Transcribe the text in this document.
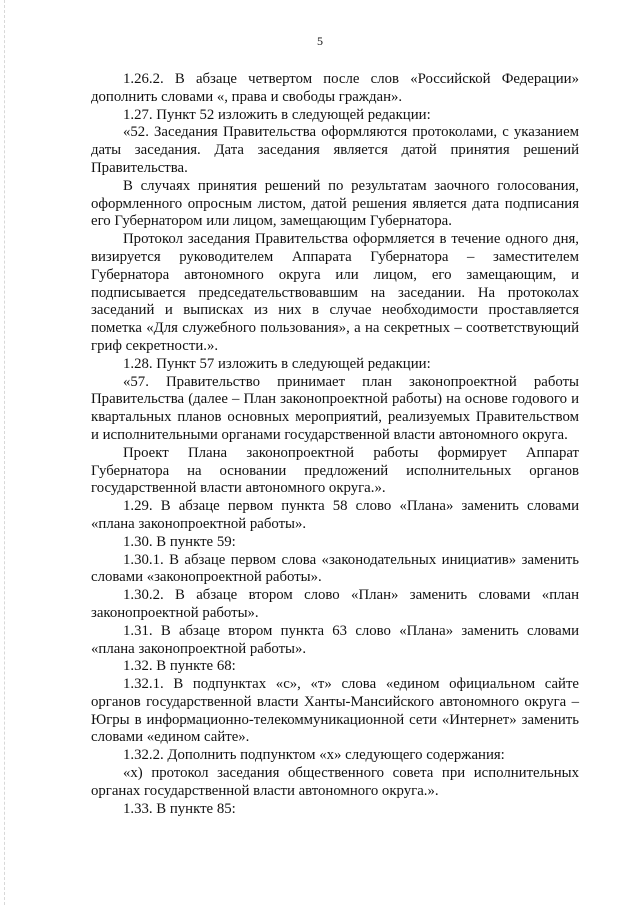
5

1.26.2. В абзаце четвертом после слов «Российской Федерации» дополнить словами «, права и свободы граждан».

1.27. Пункт 52 изложить в следующей редакции:

«52. Заседания Правительства оформляются протоколами, с указанием даты заседания. Дата заседания является датой принятия решений Правительства.

В случаях принятия решений по результатам заочного голосования, оформленного опросным листом, датой решения является дата подписания его Губернатором или лицом, замещающим Губернатора.

Протокол заседания Правительства оформляется в течение одного дня, визируется руководителем Аппарата Губернатора – заместителем Губернатора автономного округа или лицом, его замещающим, и подписывается председательствовавшим на заседании. На протоколах заседаний и выписках из них в случае необходимости проставляется пометка «Для служебного пользования», а на секретных – соответствующий гриф секретности.».

1.28. Пункт 57 изложить в следующей редакции:

«57. Правительство принимает план законопроектной работы Правительства (далее – План законопроектной работы) на основе годового и квартальных планов основных мероприятий, реализуемых Правительством и исполнительными органами государственной власти автономного округа.

Проект Плана законопроектной работы формирует Аппарат Губернатора на основании предложений исполнительных органов государственной власти автономного округа.».

1.29. В абзаце первом пункта 58 слово «Плана» заменить словами «плана законопроектной работы».

1.30. В пункте 59:

1.30.1. В абзаце первом слова «законодательных инициатив» заменить словами «законопроектной работы».

1.30.2. В абзаце втором слово «План» заменить словами «план законопроектной работы».

1.31. В абзаце втором пункта 63 слово «Плана» заменить словами «плана законопроектной работы».

1.32. В пункте 68:

1.32.1. В подпунктах «с», «т» слова «едином официальном сайте органов государственной власти Ханты-Мансийского автономного округа – Югры в информационно-телекоммуникационной сети «Интернет» заменить словами «едином сайте».

1.32.2. Дополнить подпунктом «х» следующего содержания:

«х) протокол заседания общественного совета при исполнительных органах государственной власти автономного округа.».

1.33. В пункте 85:
